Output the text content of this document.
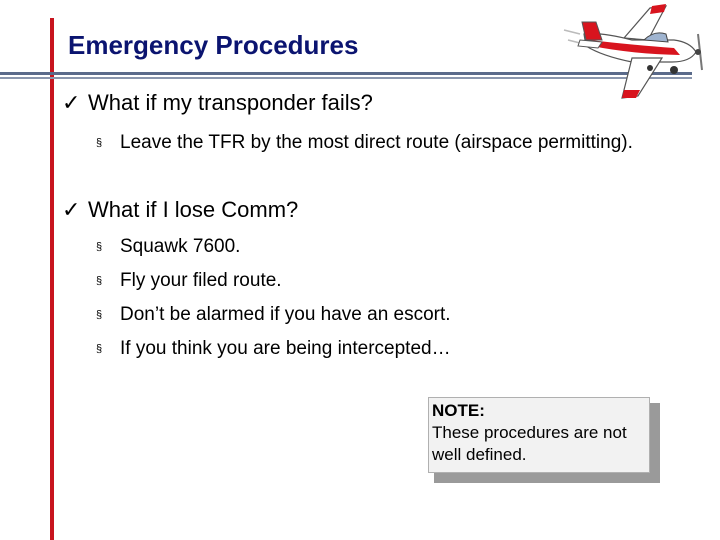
Emergency Procedures
✓ What if my transponder fails?
§ Leave the TFR by the most direct route (airspace permitting).
✓ What if I lose Comm?
§ Squawk 7600.
§ Fly your filed route.
§ Don’t be alarmed if you have an escort.
§ If you think you are being intercepted…
NOTE:
These procedures are not well defined.
